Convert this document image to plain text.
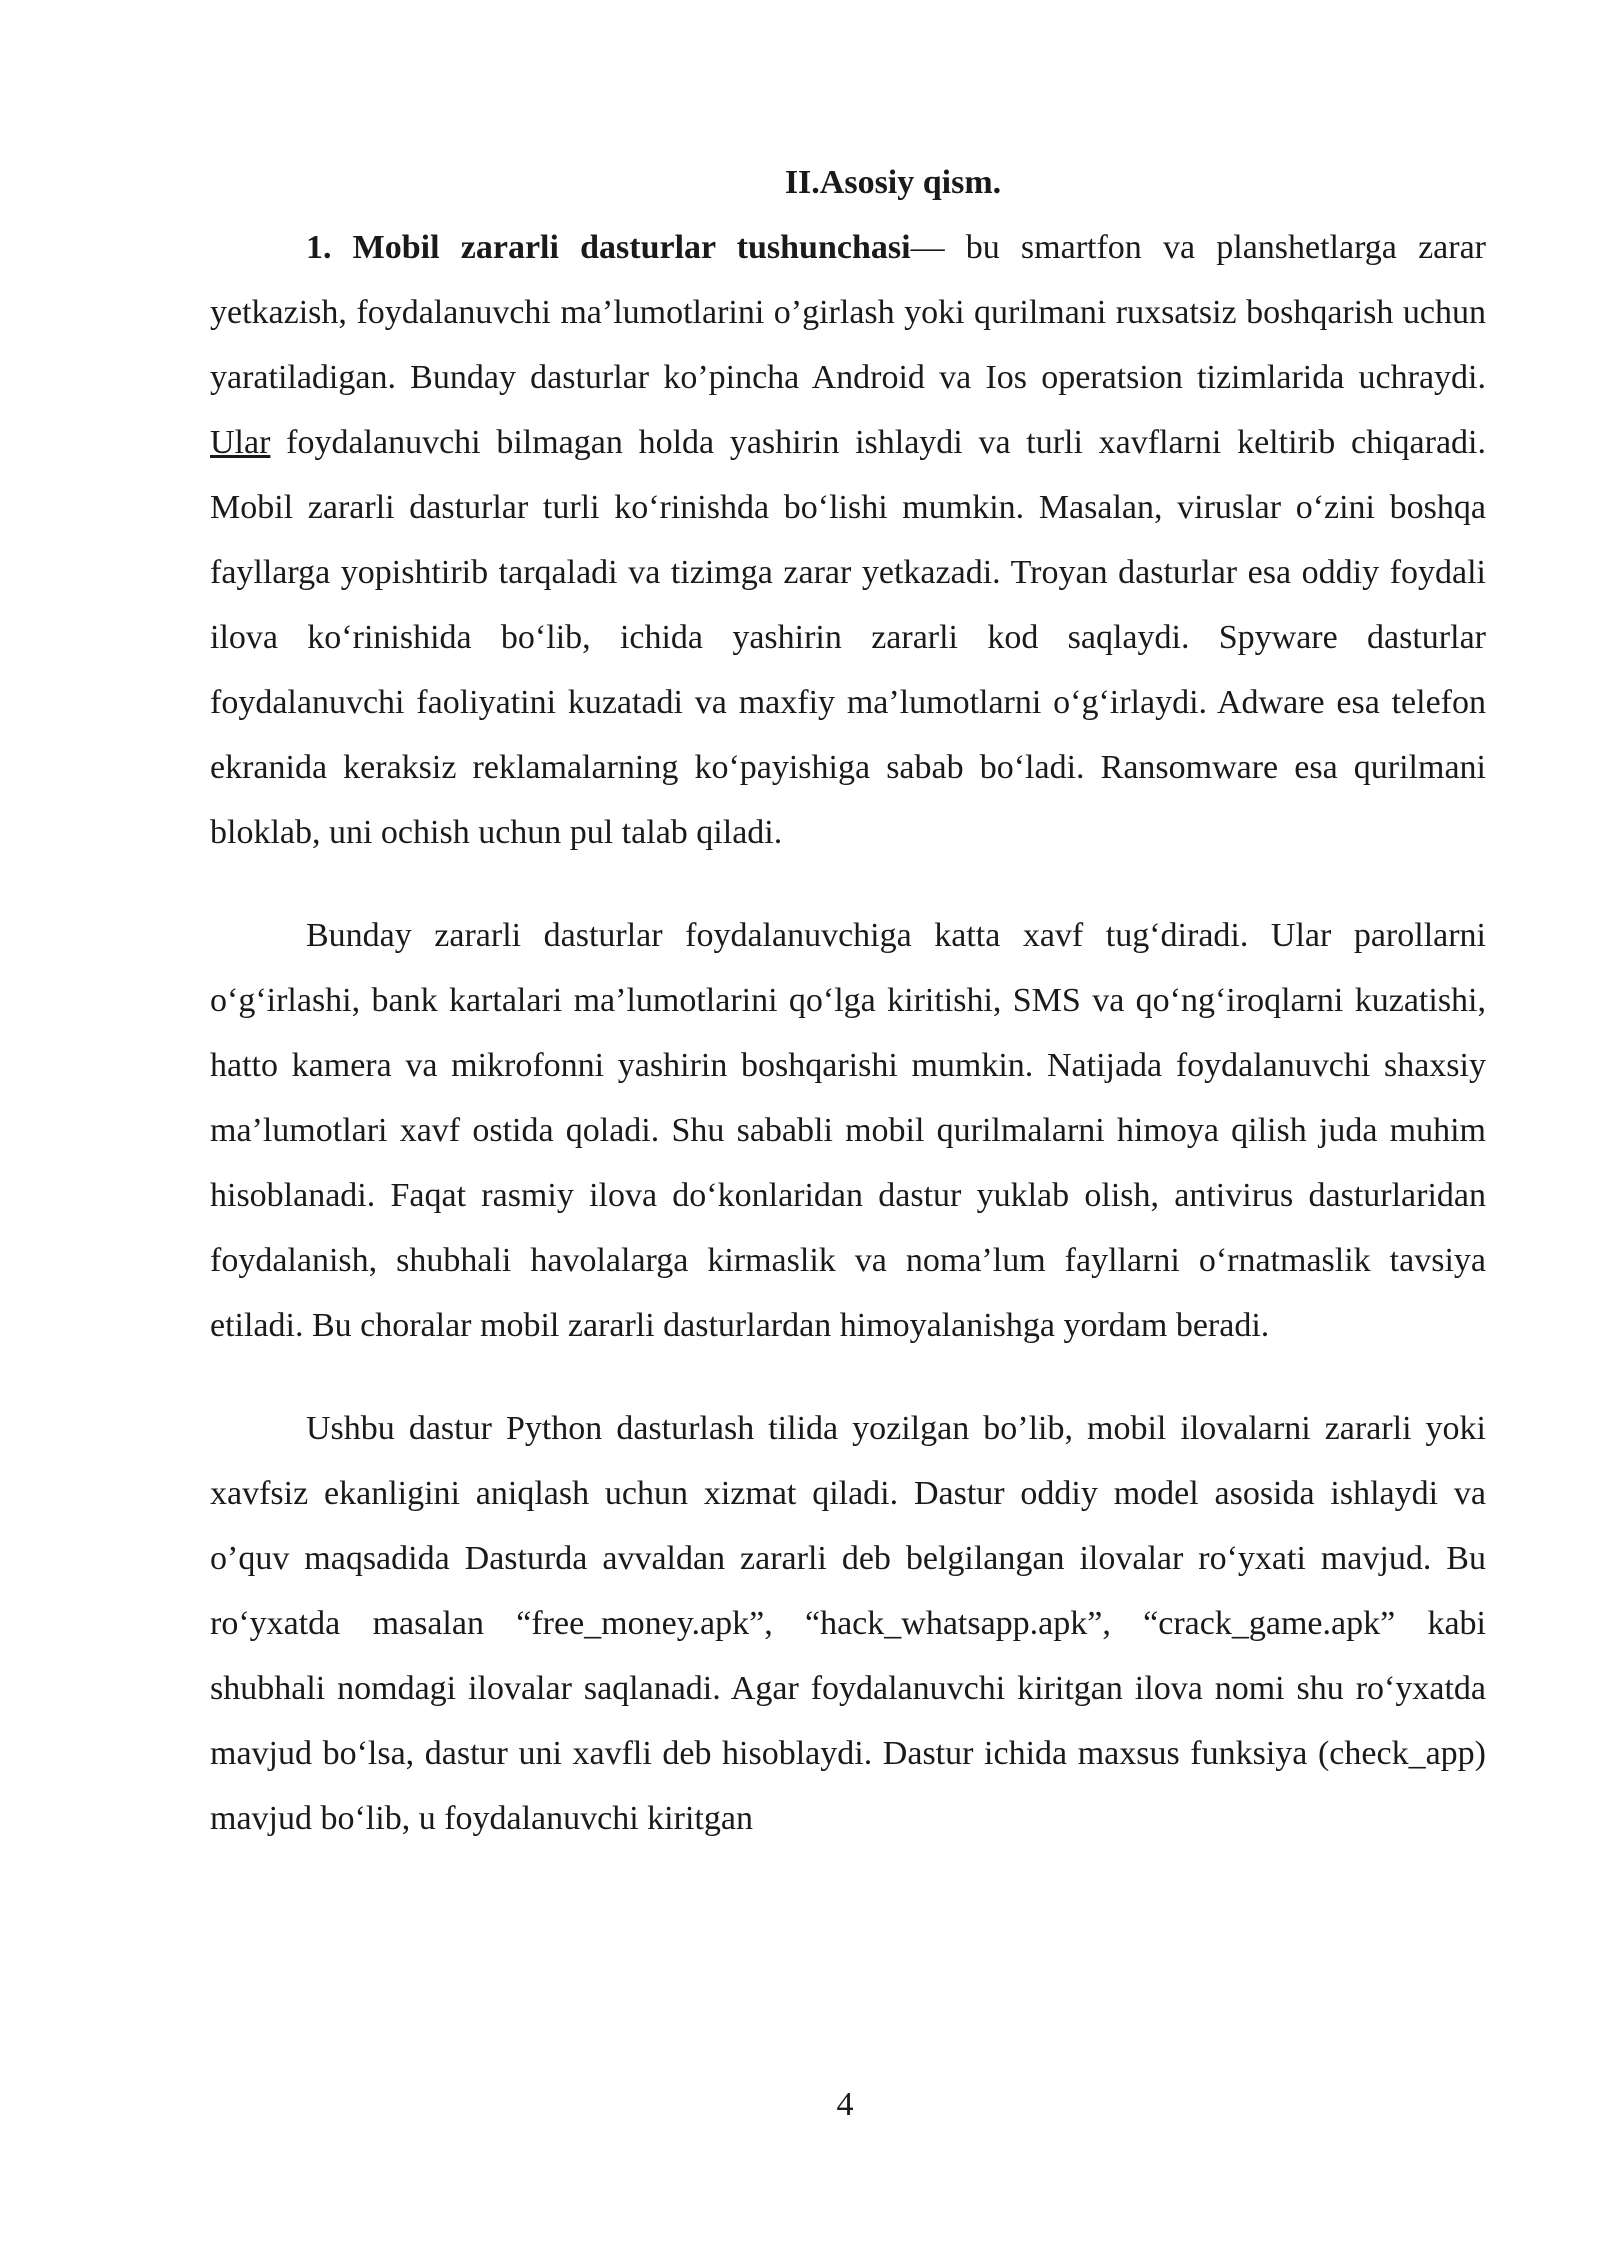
II.Asosiy qism.

1. Mobil zararli dasturlar tushunchasi— bu smartfon va planshetlarga zarar yetkazish, foydalanuvchi ma’lumotlarini o’girlash yoki qurilmani ruxsatsiz boshqarish uchun yaratiladigan. Bunday dasturlar ko’pincha Android va Ios operatsion tizimlarida uchraydi. Ular foydalanuvchi bilmagan holda yashirin ishlaydi va turli xavflarni keltirib chiqaradi. Mobil zararli dasturlar turli ko‘rinishda bo‘lishi mumkin. Masalan, viruslar o‘zini boshqa fayllarga yopishtirib tarqaladi va tizimga zarar yetkazadi. Troyan dasturlar esa oddiy foydali ilova ko‘rinishida bo‘lib, ichida yashirin zararli kod saqlaydi. Spyware dasturlar foydalanuvchi faoliyatini kuzatadi va maxfiy ma’lumotlarni o‘g‘irlaydi. Adware esa telefon ekranida keraksiz reklamalarning ko‘payishiga sabab bo‘ladi. Ransomware esa qurilmani bloklab, uni ochish uchun pul talab qiladi.

Bunday zararli dasturlar foydalanuvchiga katta xavf tug‘diradi. Ular parollarni o‘g‘irlashi, bank kartalari ma’lumotlarini qo‘lga kiritishi, SMS va qo‘ng‘iroqlarni kuzatishi, hatto kamera va mikrofonni yashirin boshqarishi mumkin. Natijada foydalanuvchi shaxsiy ma’lumotlari xavf ostida qoladi. Shu sababli mobil qurilmalarni himoya qilish juda muhim hisoblanadi. Faqat rasmiy ilova do‘konlaridan dastur yuklab olish, antivirus dasturlaridan foydalanish, shubhali havolalarga kirmaslik va noma’lum fayllarni o‘rnatmaslik tavsiya etiladi. Bu choralar mobil zararli dasturlardan himoyalanishga yordam beradi.

Ushbu dastur Python dasturlash tilida yozilgan bo’lib, mobil ilovalarni zararli yoki xavfsiz ekanligini aniqlash uchun xizmat qiladi. Dastur oddiy model asosida ishlaydi va o’quv maqsadida Dasturda avvaldan zararli deb belgilangan ilovalar ro‘yxati mavjud. Bu ro‘yxatda masalan “free_money.apk”, “hack_whatsapp.apk”, “crack_game.apk” kabi shubhali nomdagi ilovalar saqlanadi. Agar foydalanuvchi kiritgan ilova nomi shu ro‘yxatda mavjud bo‘lsa, dastur uni xavfli deb hisoblaydi. Dastur ichida maxsus funksiya (check_app) mavjud bo‘lib, u foydalanuvchi kiritgan

4
